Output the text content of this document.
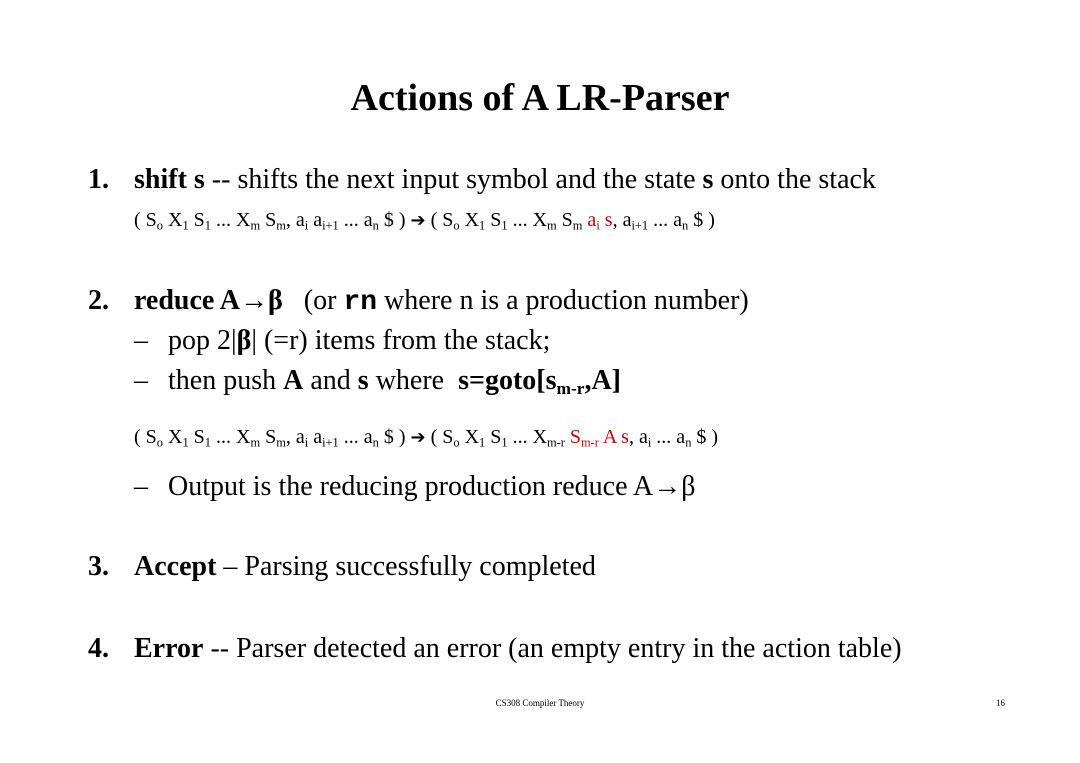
Actions of A LR-Parser
1. shift s -- shifts the next input symbol and the state s onto the stack
( $S_o$ $X_1$ $S_1$ ... $X_m$ $S_m$, $a_i$ $a_{i+1}$ ... $a_n$ $ ) ➔ ( $S_o$ $X_1$ $S_1$ ... $X_m$ $S_m$ $a_i$ s, $a_{i+1}$ ... $a_n$ $ )
2. reduce A→β (or rn where n is a production number)
– pop 2|β| (=r) items from the stack;
– then push A and s where  $s=goto[s_{m-r},A]$
( $S_o$ $X_1$ $S_1$ ... $X_m$ $S_m$, $a_i$ $a_{i+1}$ ... $a_n$ $ ) ➔ ( $S_o$ $X_1$ $S_1$ ... $X_{m-r}$ $S_{m-r}$ A s, $a_i$ ... $a_n$ $ )
– Output is the reducing production reduce A→β
3. Accept – Parsing successfully completed
4. Error -- Parser detected an error (an empty entry in the action table)
CS308 Compiler Theory	16
